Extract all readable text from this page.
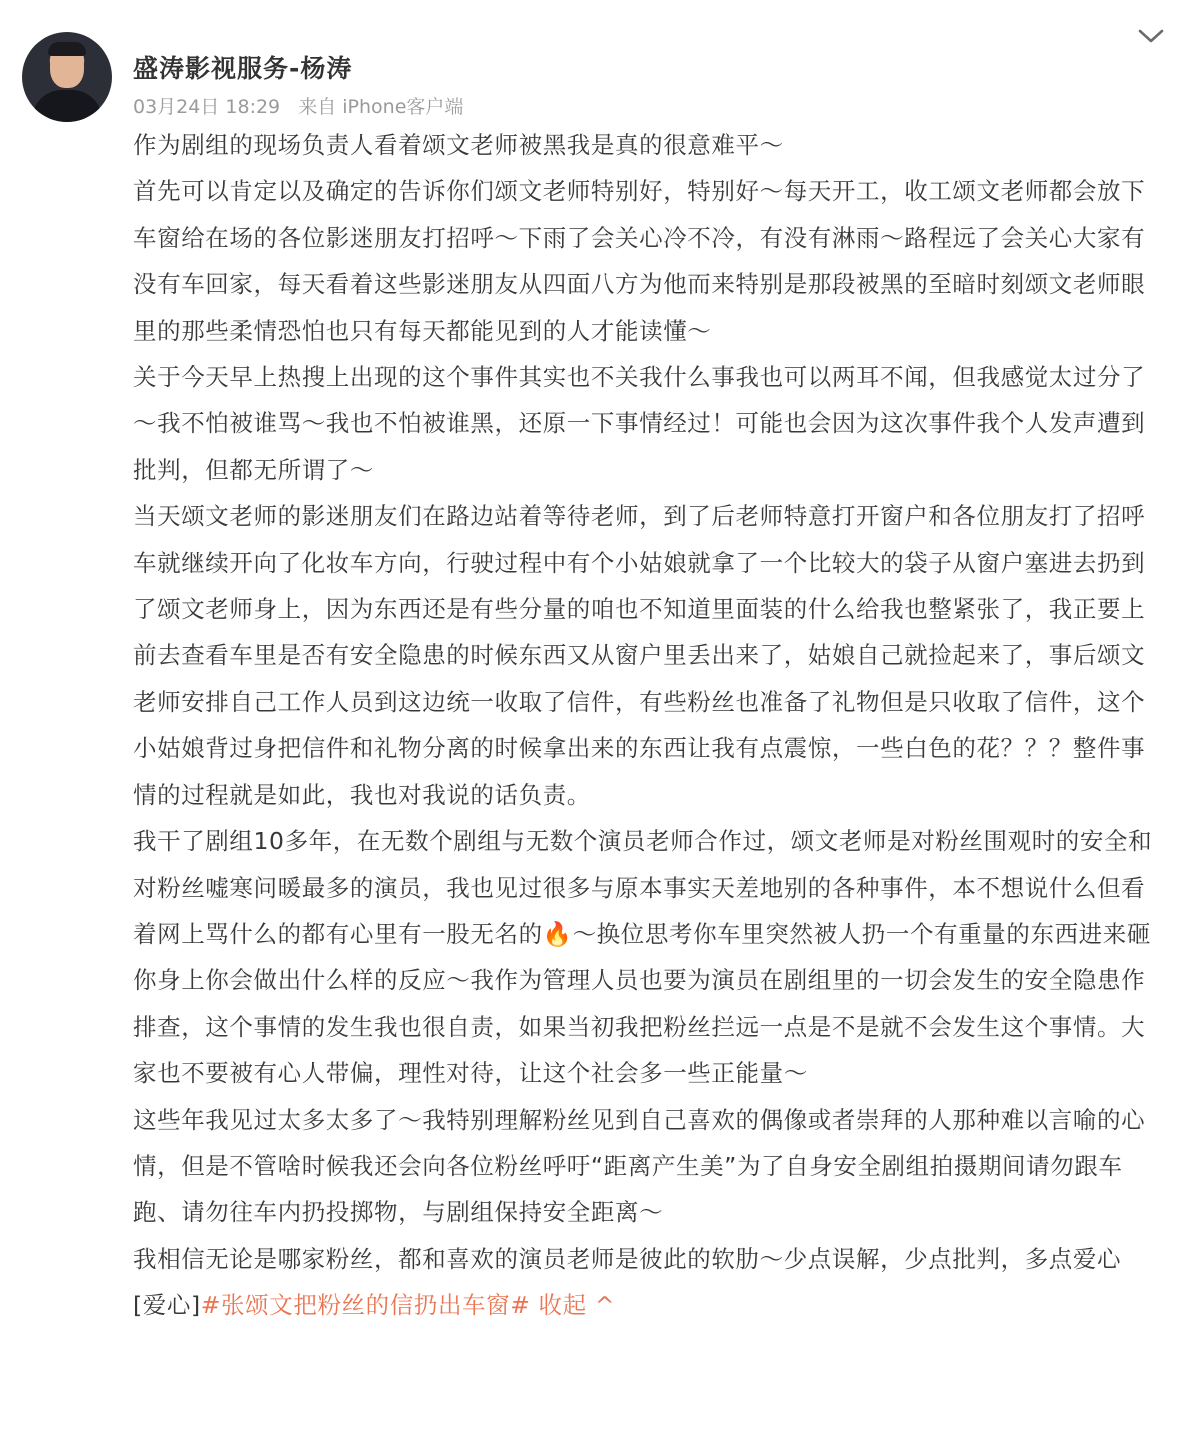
盛涛影视服务-杨涛
03月24日 18:29 来自 iPhone客户端

作为剧组的现场负责人看着颂文老师被黑我是真的很意难平～

首先可以肯定以及确定的告诉你们颂文老师特别好，特别好～每天开工，收工颂文老师都会放下车窗给在场的各位影迷朋友打招呼～下雨了会关心冷不冷，有没有淋雨～路程远了会关心大家有没有车回家，每天看着这些影迷朋友从四面八方为他而来特别是那段被黑的至暗时刻颂文老师眼里的那些柔情恐怕也只有每天都能见到的人才能读懂～

关于今天早上热搜上出现的这个事件其实也不关我什么事我也可以两耳不闻，但我感觉太过分了～我不怕被谁骂～我也不怕被谁黑，还原一下事情经过！可能也会因为这次事件我个人发声遭到批判，但都无所谓了～

当天颂文老师的影迷朋友们在路边站着等待老师，到了后老师特意打开窗户和各位朋友打了招呼车就继续开向了化妆车方向，行驶过程中有个小姑娘就拿了一个比较大的袋子从窗户塞进去扔到了颂文老师身上，因为东西还是有些分量的咱也不知道里面装的什么给我也整紧张了，我正要上前去查看车里是否有安全隐患的时候东西又从窗户里丢出来了，姑娘自己就捡起来了，事后颂文老师安排自己工作人员到这边统一收取了信件，有些粉丝也准备了礼物但是只收取了信件，这个小姑娘背过身把信件和礼物分离的时候拿出来的东西让我有点震惊，一些白色的花？？？整件事情的过程就是如此，我也对我说的话负责。

我干了剧组10多年，在无数个剧组与无数个演员老师合作过，颂文老师是对粉丝围观时的安全和对粉丝嘘寒问暖最多的演员，我也见过很多与原本事实天差地别的各种事件，本不想说什么但看着网上骂什么的都有心里有一股无名的🔥～换位思考你车里突然被人扔一个有重量的东西进来砸你身上你会做出什么样的反应～我作为管理人员也要为演员在剧组里的一切会发生的安全隐患作排查，这个事情的发生我也很自责，如果当初我把粉丝拦远一点是不是就不会发生这个事情。大家也不要被有心人带偏，理性对待，让这个社会多一些正能量～

这些年我见过太多太多了～我特别理解粉丝见到自己喜欢的偶像或者崇拜的人那种难以言喻的心情，但是不管啥时候我还会向各位粉丝呼吁“距离产生美”为了自身安全剧组拍摄期间请勿跟车跑、请勿往车内扔投掷物，与剧组保持安全距离～

我相信无论是哪家粉丝，都和喜欢的演员老师是彼此的软肋～少点误解，少点批判，多点爱心[爱心]#张颂文把粉丝的信扔出车窗# 收起 ^
